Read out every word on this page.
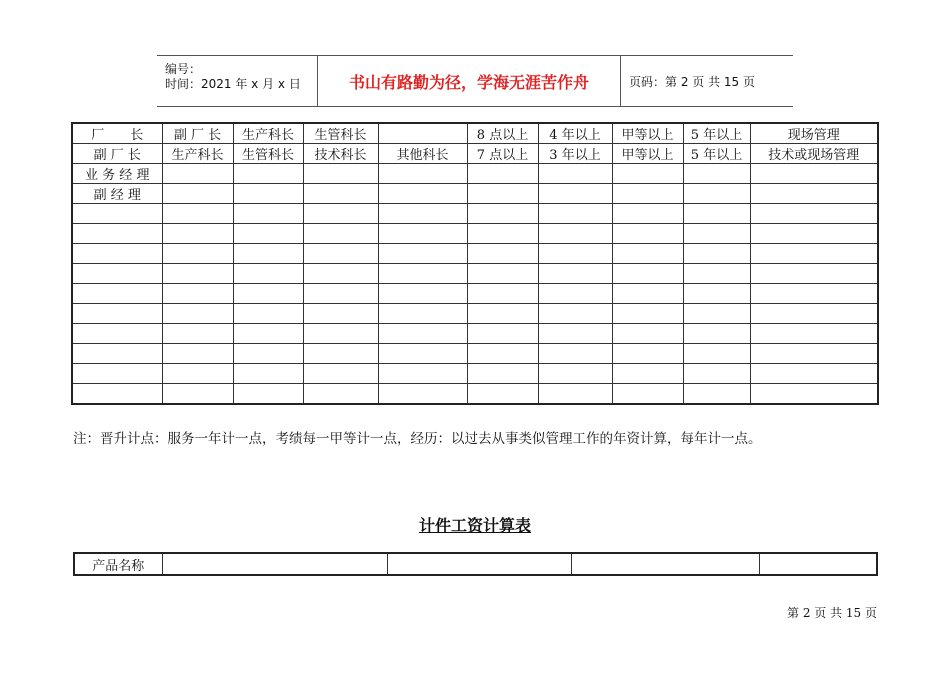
编号：
时间：2021 年 x 月 x 日	书山有路勤为径，学海无涯苦作舟	页码：第 2 页 共 15 页
厂　　长	副 厂 长	生产科长	生管科长		8 点以上	4 年以上	甲等以上	5 年以上	现场管理
副 厂 长	生产科长	生管科长	技术科长	其他科长	7 点以上	3 年以上	甲等以上	5 年以上	技术或现场管理
业 务 经 理									
副 经 理									

注：晋升计点：服务一年计一点，考绩每一甲等计一点，经历：以过去从事类似管理工作的年资计算，每年计一点。
计件工资计算表
产品名称				
第 2 页 共 15 页
